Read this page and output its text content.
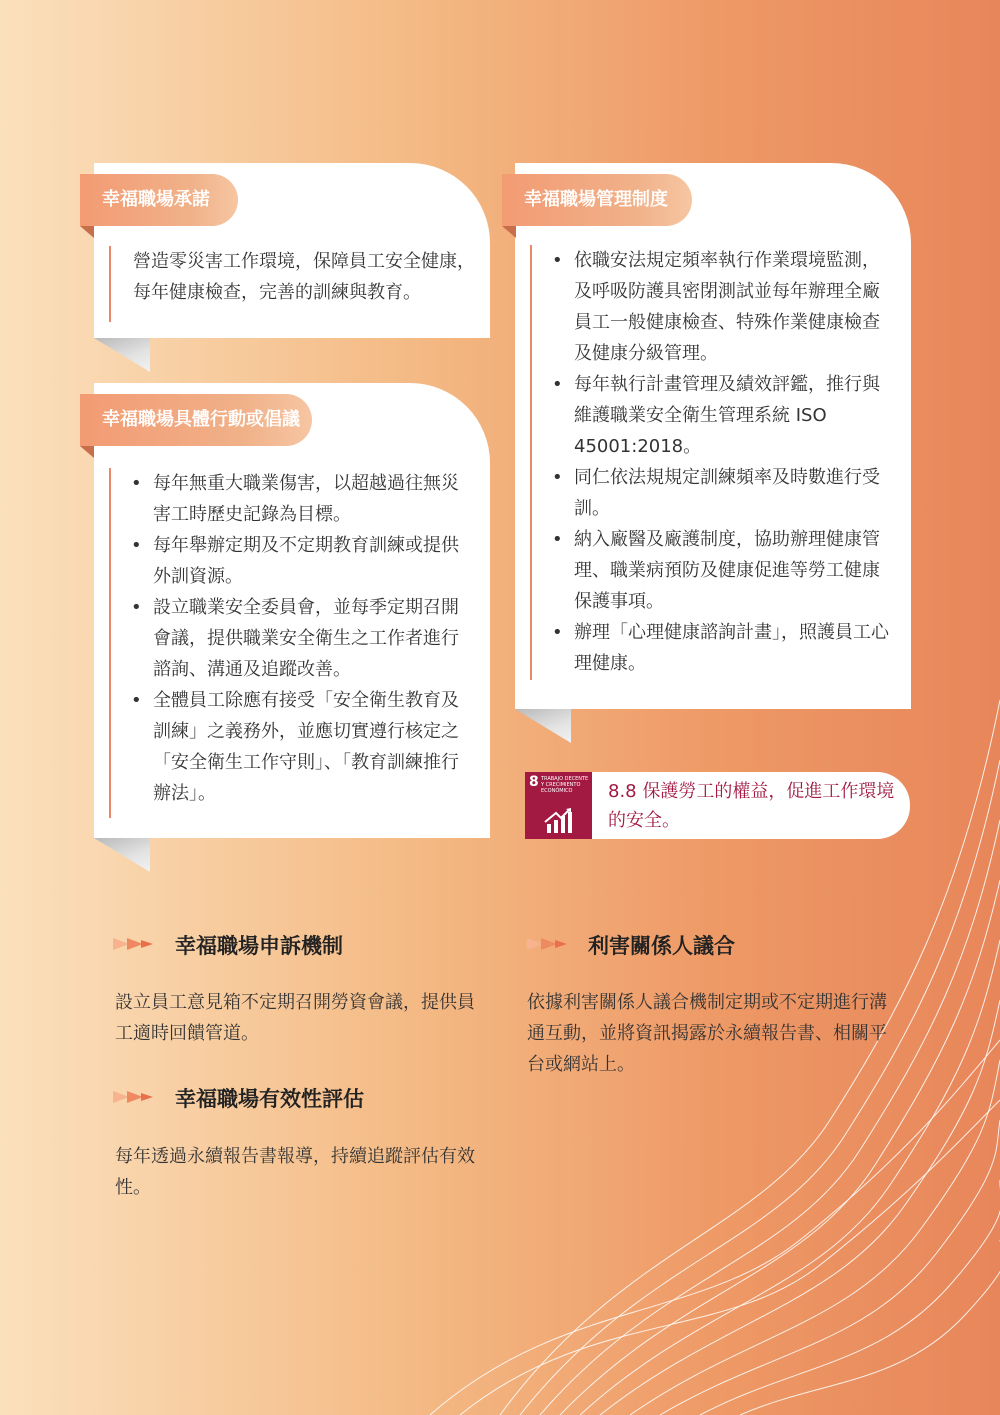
幸福職場承諾
營造零災害工作環境，保障員工安全健康，每年健康檢查，完善的訓練與教育。
幸福職場具體行動或倡議
• 每年無重大職業傷害，以超越過往無災害工時歷史記錄為目標。
• 每年舉辦定期及不定期教育訓練或提供外訓資源。
• 設立職業安全委員會，並每季定期召開會議，提供職業安全衛生之工作者進行諮詢、溝通及追蹤改善。
• 全體員工除應有接受「安全衛生教育及訓練」之義務外，並應切實遵行核定之「安全衛生工作守則」、「教育訓練推行辦法」。
幸福職場管理制度
• 依職安法規定頻率執行作業環境監測，及呼吸防護具密閉測試並每年辦理全廠員工一般健康檢查、特殊作業健康檢查及健康分級管理。
• 每年執行計畫管理及績效評鑑，推行與維護職業安全衛生管理系統 ISO 45001:2018。
• 同仁依法規規定訓練頻率及時數進行受訓。
• 納入廠醫及廠護制度，協助辦理健康管理、職業病預防及健康促進等勞工健康保護事項。
• 辦理「心理健康諮詢計畫」，照護員工心理健康。
8 TRABAJO DECENTE Y CRECIMIENTO ECONÓMICO	8.8 保護勞工的權益，促進工作環境的安全。
幸福職場申訴機制
設立員工意見箱不定期召開勞資會議，提供員工適時回饋管道。
幸福職場有效性評估
每年透過永續報告書報導，持續追蹤評估有效性。
利害關係人議合
依據利害關係人議合機制定期或不定期進行溝通互動，並將資訊揭露於永續報告書、相關平台或網站上。
